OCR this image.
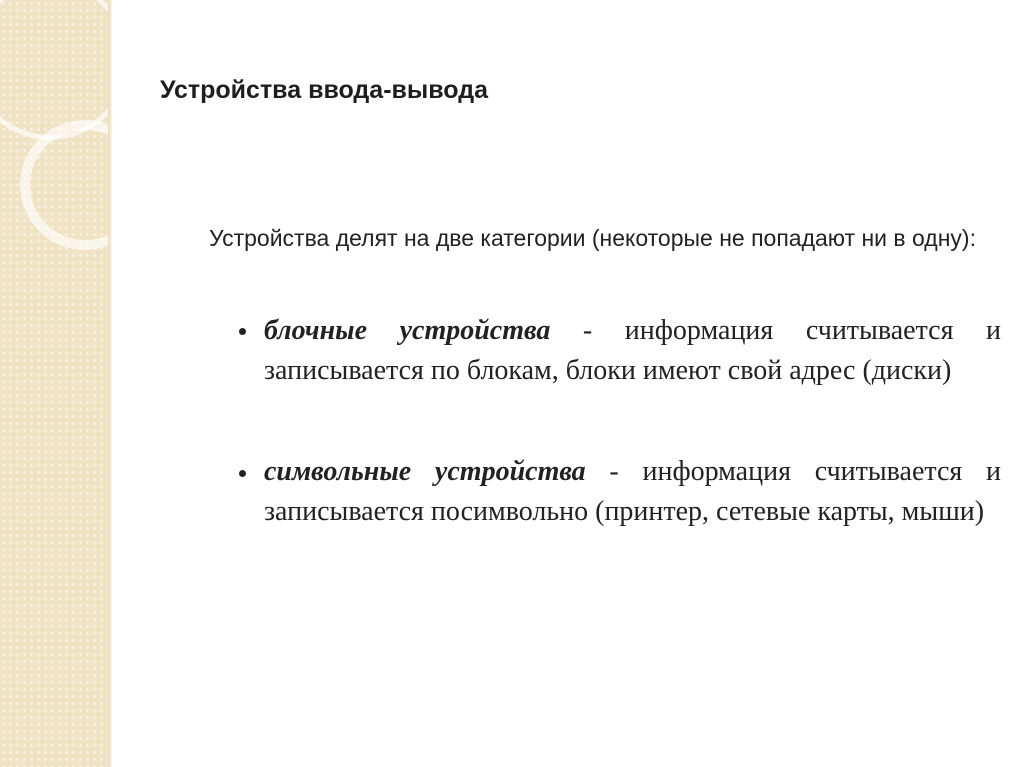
Устройства ввода-вывода
Устройства делят на две категории (некоторые не попадают ни в одну):
блочные устройства - информация считывается и записывается по блокам, блоки имеют свой адрес (диски)
символьные устройства - информация считывается и записывается посимвольно (принтер, сетевые карты, мыши)
